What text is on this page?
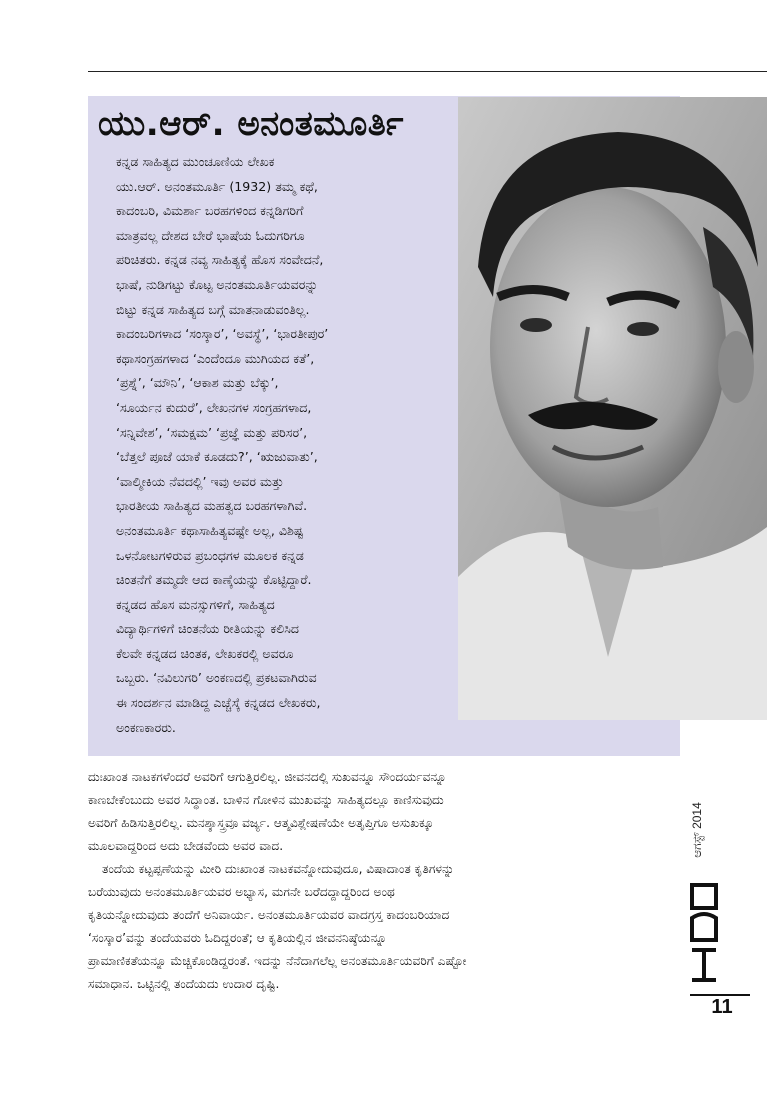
ಯು.ಆರ್. ಅನಂತಮೂರ್ತಿ

ಕನ್ನಡ ಸಾಹಿತ್ಯದ ಮುಂಚೂಣಿಯ ಲೇಖಕ

ಯು.ಆರ್. ಅನಂತಮೂರ್ತಿ (1932) ತಮ್ಮ ಕಥೆ,

ಕಾದಂಬರಿ, ವಿಮರ್ಶಾ ಬರಹಗಳಿಂದ ಕನ್ನಡಿಗರಿಗೆ

ಮಾತ್ರವಲ್ಲ ದೇಶದ ಬೇರೆ ಭಾಷೆಯ ಓದುಗರಿಗೂ

ಪರಿಚಿತರು. ಕನ್ನಡ ನವ್ಯ ಸಾಹಿತ್ಯಕ್ಕೆ ಹೊಸ ಸಂವೇದನೆ,

ಭಾಷೆ, ನುಡಿಗಟ್ಟು ಕೊಟ್ಟ ಅನಂತಮೂರ್ತಿಯವರನ್ನು

ಬಿಟ್ಟು ಕನ್ನಡ ಸಾಹಿತ್ಯದ ಬಗ್ಗೆ ಮಾತನಾಡುವಂತಿಲ್ಲ.

ಕಾದಂಬರಿಗಳಾದ ‘ಸಂಸ್ಕಾರ’, ‘ಅವಸ್ಥೆ’, ‘ಭಾರತೀಪುರ’

ಕಥಾಸಂಗ್ರಹಗಳಾದ ‘ಎಂದೆಂದೂ ಮುಗಿಯದ ಕತೆ’,

‘ಪ್ರಶ್ನೆ’, ‘ಮೌನಿ’, ‘ಆಕಾಶ ಮತ್ತು ಬೆಕ್ಕು’,

‘ಸೂರ್ಯನ ಕುದುರೆ’, ಲೇಖನಗಳ ಸಂಗ್ರಹಗಳಾದ,

‘ಸನ್ನಿವೇಶ’, ‘ಸಮಕ್ಷಮ’ ‘ಪ್ರಜ್ಞೆ ಮತ್ತು ಪರಿಸರ’,

‘ಬೆತ್ತಲೆ ಪೂಜೆ ಯಾಕೆ ಕೂಡದು?’, ‘ಋಜುವಾತು’,

‘ವಾಲ್ಮೀಕಿಯ ನೆವದಲ್ಲಿ’ ಇವು ಅವರ ಮತ್ತು

ಭಾರತೀಯ ಸಾಹಿತ್ಯದ ಮಹತ್ವದ ಬರಹಗಳಾಗಿವೆ.

ಅನಂತಮೂರ್ತಿ ಕಥಾಸಾಹಿತ್ಯವಷ್ಟೇ ಅಲ್ಲ, ವಿಶಿಷ್ಟ

ಒಳನೋಟಗಳಿರುವ ಪ್ರಬಂಧಗಳ ಮೂಲಕ ಕನ್ನಡ

ಚಿಂತನೆಗೆ ತಮ್ಮದೇ ಆದ ಕಾಣ್ಕೆಯನ್ನು ಕೊಟ್ಟಿದ್ದಾರೆ.

ಕನ್ನಡದ ಹೊಸ ಮನಸ್ಸುಗಳಿಗೆ, ಸಾಹಿತ್ಯದ

ವಿದ್ಯಾರ್ಥಿಗಳಿಗೆ ಚಿಂತನೆಯ ರೀತಿಯನ್ನು ಕಲಿಸಿದ

ಕೆಲವೇ ಕನ್ನಡದ ಚಿಂತಕ, ಲೇಖಕರಲ್ಲಿ ಅವರೂ

ಒಬ್ಬರು. ‘ನವಿಲುಗರಿ’ ಅಂಕಣದಲ್ಲಿ ಪ್ರಕಟವಾಗಿರುವ

ಈ ಸಂದರ್ಶನ ಮಾಡಿದ್ದ ಎಚ್ಚೆಸ್ಕೆ ಕನ್ನಡದ ಲೇಖಕರು,

ಅಂಕಣಕಾರರು.

ದುಃಖಾಂತ ನಾಟಕಗಳೆಂದರೆ ಅವರಿಗೆ ಆಗುತ್ತಿರಲಿಲ್ಲ. ಜೀವನದಲ್ಲಿ ಸುಖವನ್ನೂ ಸೌಂದರ್ಯವನ್ನೂ

ಕಾಣಬೇಕೆಂಬುದು ಅವರ ಸಿದ್ಧಾಂತ. ಬಾಳಿನ ಗೋಳಿನ ಮುಖವನ್ನು ಸಾಹಿತ್ಯದಲ್ಲೂ ಕಾಣಿಸುವುದು

ಅವರಿಗೆ ಹಿಡಿಸುತ್ತಿರಲಿಲ್ಲ. ಮನಶ್ಶಾಸ್ತ್ರವೂ ವರ್ಜ್ಯ. ಆತ್ಮವಿಶ್ಲೇಷಣೆಯೇ ಅತೃಪ್ತಿಗೂ ಅಸುಖಕ್ಕೂ

ಮೂಲವಾದ್ದರಿಂದ ಅದು ಬೇಡವೆಂದು ಅವರ ವಾದ.

ತಂದೆಯ ಕಟ್ಟಪ್ಪಣೆಯನ್ನು ಮೀರಿ ದುಃಖಾಂತ ನಾಟಕವನ್ನೋದುವುದೂ, ವಿಷಾದಾಂತ ಕೃತಿಗಳನ್ನು

ಬರೆಯುವುದು ಅನಂತಮೂರ್ತಿಯವರ ಅಭ್ಯಾಸ, ಮಗನೇ ಬರೆದದ್ದಾದ್ದರಿಂದ ಅಂಥ

ಕೃತಿಯನ್ನೋದುವುದು ತಂದೆಗೆ ಅನಿವಾರ್ಯ. ಅನಂತಮೂರ್ತಿಯವರ ವಾದಗ್ರಸ್ತ ಕಾದಂಬರಿಯಾದ

‘ಸಂಸ್ಕಾರ’ವನ್ನು ತಂದೆಯವರು ಓದಿದ್ದರಂತೆ; ಆ ಕೃತಿಯಲ್ಲಿನ ಜೀವನನಿಷ್ಠೆಯನ್ನೂ

ಪ್ರಾಮಾಣಿಕತೆಯನ್ನೂ ಮೆಚ್ಚಿಕೊಂಡಿದ್ದರಂತೆ. ಇದನ್ನು ನೆನೆದಾಗಲೆಲ್ಲ ಅನಂತಮೂರ್ತಿಯವರಿಗೆ ಎಷ್ಟೋ

ಸಮಾಧಾನ. ಒಟ್ಟಿನಲ್ಲಿ ತಂದೆಯದು ಉದಾರ ದೃಷ್ಟಿ.

ಆಗಸ್ಟ್ 2014
11
